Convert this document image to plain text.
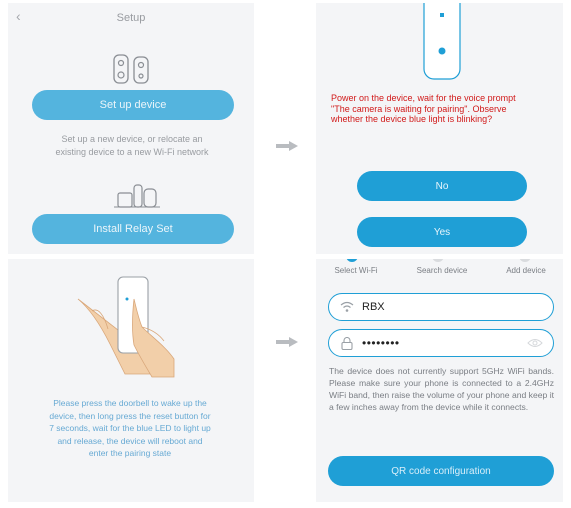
‹	Setup
Set up device
Set up a new device, or relocate an existing device to a new Wi-Fi network
Install Relay Set
Power on the device, wait for the voice prompt "The camera is waiting for pairing". Observe whether the device blue light is blinking?
No
Yes
Please press the doorbell to wake up the device, then long press the reset button for 7 seconds, wait for the blue LED to light up and release, the device will reboot and enter the pairing state
Select Wi-Fi	Search device	Add device
RBX
••••••••
The device does not currently support 5GHz WiFi bands. Please make sure your phone is connected to a 2.4GHz WiFi band, then raise the volume of your phone and keep it a few inches away from the device while it connects.
QR code configuration
